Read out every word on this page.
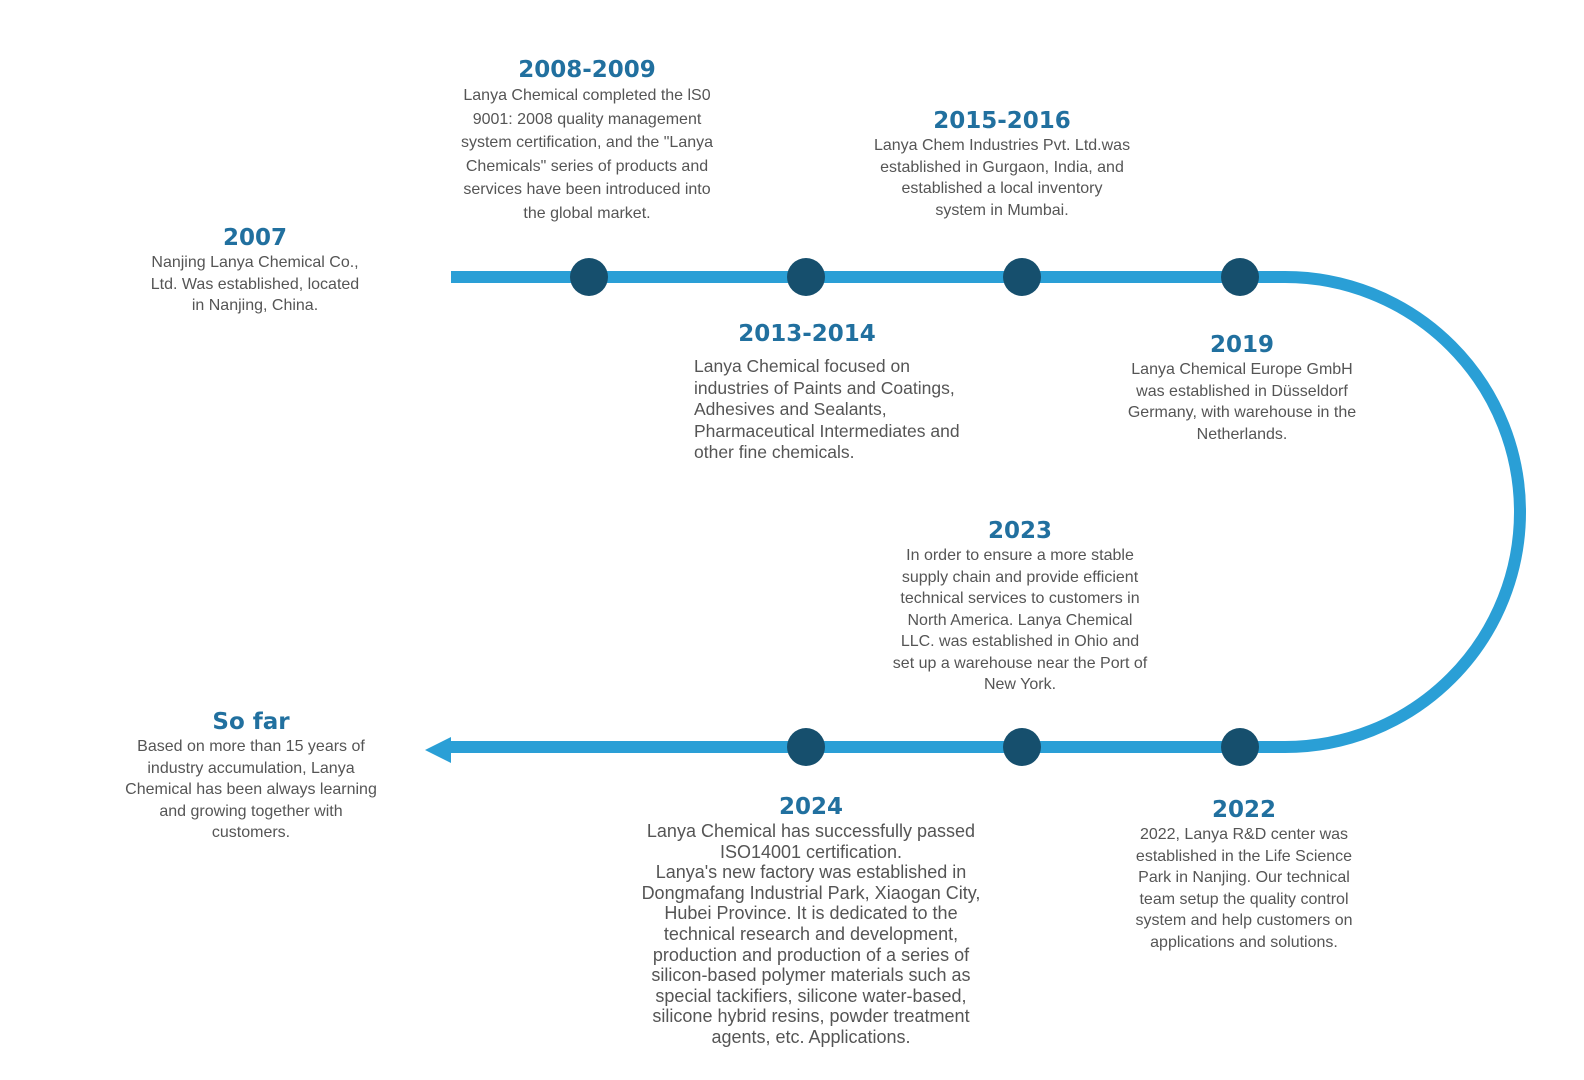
2007
Nanjing Lanya Chemical Co.,
Ltd. Was established, located
in Nanjing, China.
2008-2009
Lanya Chemical completed the lS0
9001: 2008 quality management
system certification, and the "Lanya
Chemicals" series of products and
services have been introduced into
the global market.
2013-2014
Lanya Chemical focused on
industries of Paints and Coatings,
Adhesives and Sealants,
Pharmaceutical Intermediates and
other fine chemicals.
2015-2016
Lanya Chem Industries Pvt. Ltd.was
established in Gurgaon, India, and
established a local inventory
system in Mumbai.
2019
Lanya Chemical Europe GmbH
was established in Düsseldorf
Germany, with warehouse in the
Netherlands.
2023
In order to ensure a more stable
supply chain and provide efficient
technical services to customers in
North America. Lanya Chemical
LLC. was established in Ohio and
set up a warehouse near the Port of
New York.
2022
2022, Lanya R&D center was
established in the Life Science
Park in Nanjing. Our technical
team setup the quality control
system and help customers on
applications and solutions.
2024
Lanya Chemical has successfully passed
ISO14001 certification.
Lanya's new factory was established in
Dongmafang Industrial Park, Xiaogan City,
Hubei Province. It is dedicated to the
technical research and development,
production and production of a series of
silicon-based polymer materials such as
special tackifiers, silicone water-based,
silicone hybrid resins, powder treatment
agents, etc. Applications.
So far
Based on more than 15 years of
industry accumulation, Lanya
Chemical has been always learning
and growing together with
customers.
